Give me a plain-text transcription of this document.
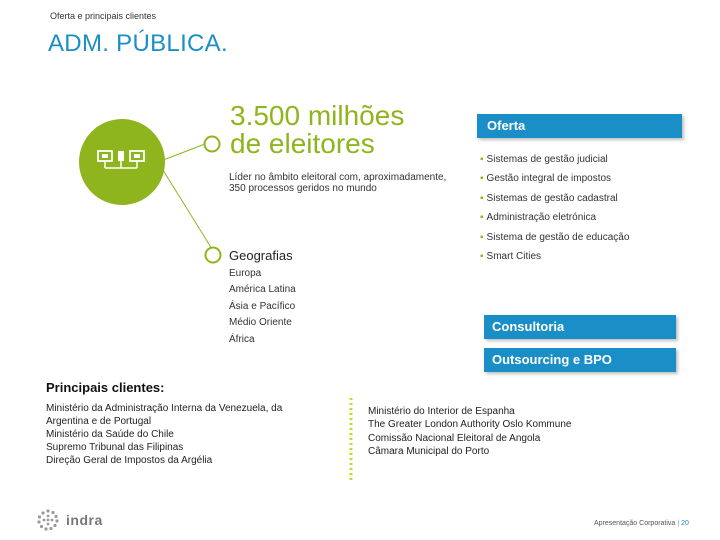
Oferta e principais clientes
ADM. PÚBLICA.
3.500 milhões
de eleitores
Líder no âmbito eleitoral com, aproximadamente, 350 processos geridos no mundo
Geografias
Europa
América Latina
Ásia e Pacífico
Médio Oriente
África
Oferta
▪ Sistemas de gestão judicial
▪ Gestão integral de impostos
▪ Sistemas de gestão cadastral
▪ Administração eletrónica
▪ Sistema de gestão de educação
▪ Smart Cities
Consultoria
Outsourcing e BPO
Principais clientes:
Ministério da Administração Interna da Venezuela, da Argentina e de Portugal
Ministério da Saúde do Chile
Supremo Tribunal das Filipinas
Direção Geral de Impostos da Argélia
Ministério do Interior de Espanha
The Greater London Authority Oslo Kommune
Comissão Nacional Eleitoral de Angola
Câmara Municipal do Porto
indra	Apresentação Corporativa | 20
